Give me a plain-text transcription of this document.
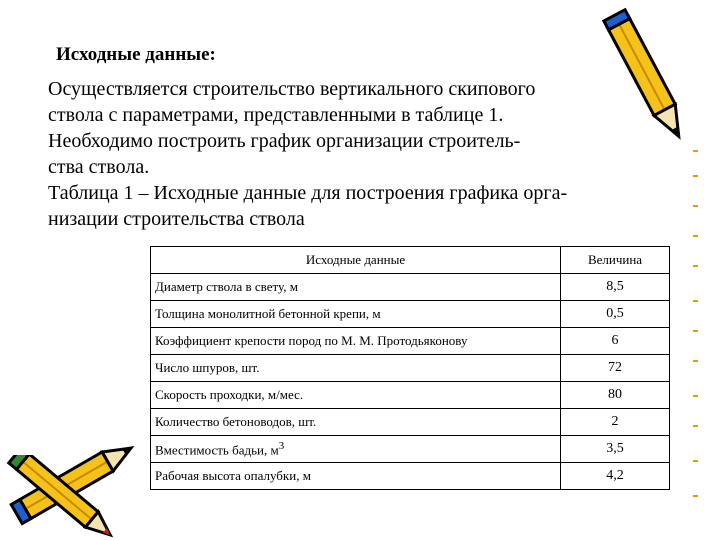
Исходные данные:
Осуществляется строительство вертикального скипового
ствола с параметрами, представленными в таблице 1.
Необходимо построить график организации строитель-
ства ствола.
Таблица 1 – Исходные данные для построения графика орга-
низации строительства ствола
Исходные данные	Величина
Диаметр ствола в свету, м	8,5
Толщина монолитной бетонной крепи, м	0,5
Коэффициент крепости пород по М. М. Протодьяконову	6
Число шпуров, шт.	72
Скорость проходки, м/мес.	80
Количество бетоноводов, шт.	2
Вместимость бадьи, $м^3$	3,5
Рабочая высота опалубки, м	4,2
